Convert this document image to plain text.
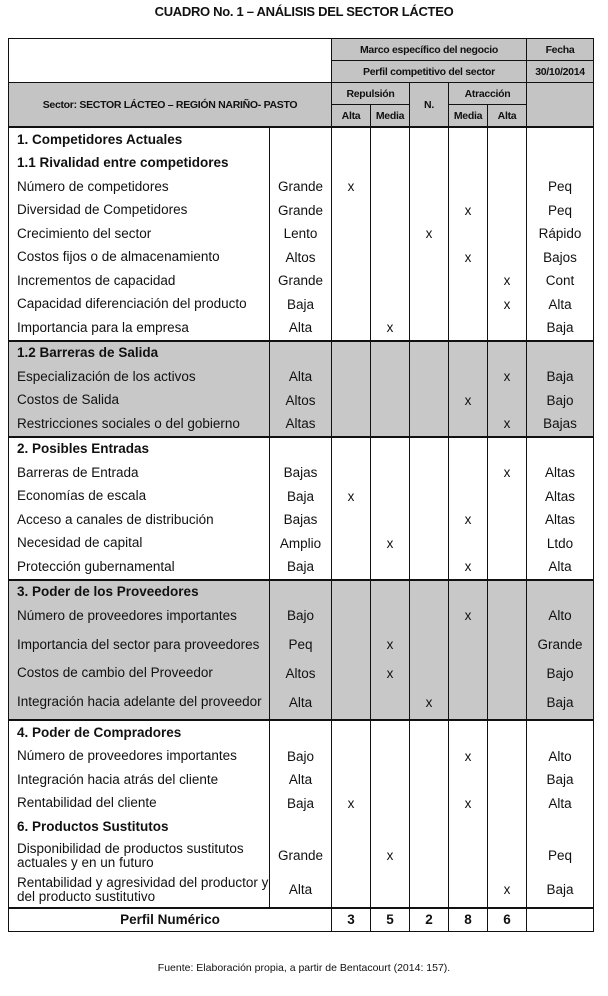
CUADRO No. 1 – ANÁLISIS DEL SECTOR LÁCTEO
		Marco específico del negocio					Fecha
		Perfil competitivo del sector					30/10/2014
Sector: SECTOR LÁCTEO – REGIÓN NARIÑO- PASTO		Repulsión		N.	Atracción		
		Alta	Media		Media	Alta	
1. Competidores Actuales							
1.1 Rivalidad entre competidores							
Número de competidores	Grande	x					Peq
Diversidad de Competidores	Grande				x		Peq
Crecimiento del sector	Lento			x			Rápido
Costos fijos o de almacenamiento	Altos				x		Bajos
Incrementos de capacidad	Grande					x	Cont
Capacidad diferenciación del producto	Baja					x	Alta
Importancia para la empresa	Alta		x				Baja
1.2 Barreras de Salida							
Especialización de los activos	Alta					x	Baja
Costos de Salida	Altos				x		Bajo
Restricciones sociales o del gobierno	Altas					x	Bajas
2. Posibles Entradas							
Barreras de Entrada	Bajas					x	Altas
Economías de escala	Baja	x					Altas
Acceso a canales de distribución	Bajas				x		Altas
Necesidad de capital	Amplio		x				Ltdo
Protección gubernamental	Baja				x		Alta
3. Poder de los Proveedores							
Número de proveedores importantes	Bajo				x		Alto
Importancia del sector para proveedores	Peq		x				Grande
Costos de cambio del Proveedor	Altos		x				Bajo
Integración hacia adelante del proveedor	Alta			x			Baja
4. Poder de Compradores							
Número de proveedores importantes	Bajo				x		Alto
Integración hacia atrás del cliente	Alta						Baja
Rentabilidad del cliente	Baja	x			x		Alta
6. Productos Sustitutos							
Disponibilidad de productos sustitutos actuales y en un futuro	Grande		x				Peq
Rentabilidad y agresividad del productor y del producto sustitutivo	Alta					x	Baja
Perfil Numérico		3	5	2	8	6	
Fuente: Elaboración propia, a partir de Bentacourt (2014: 157).
